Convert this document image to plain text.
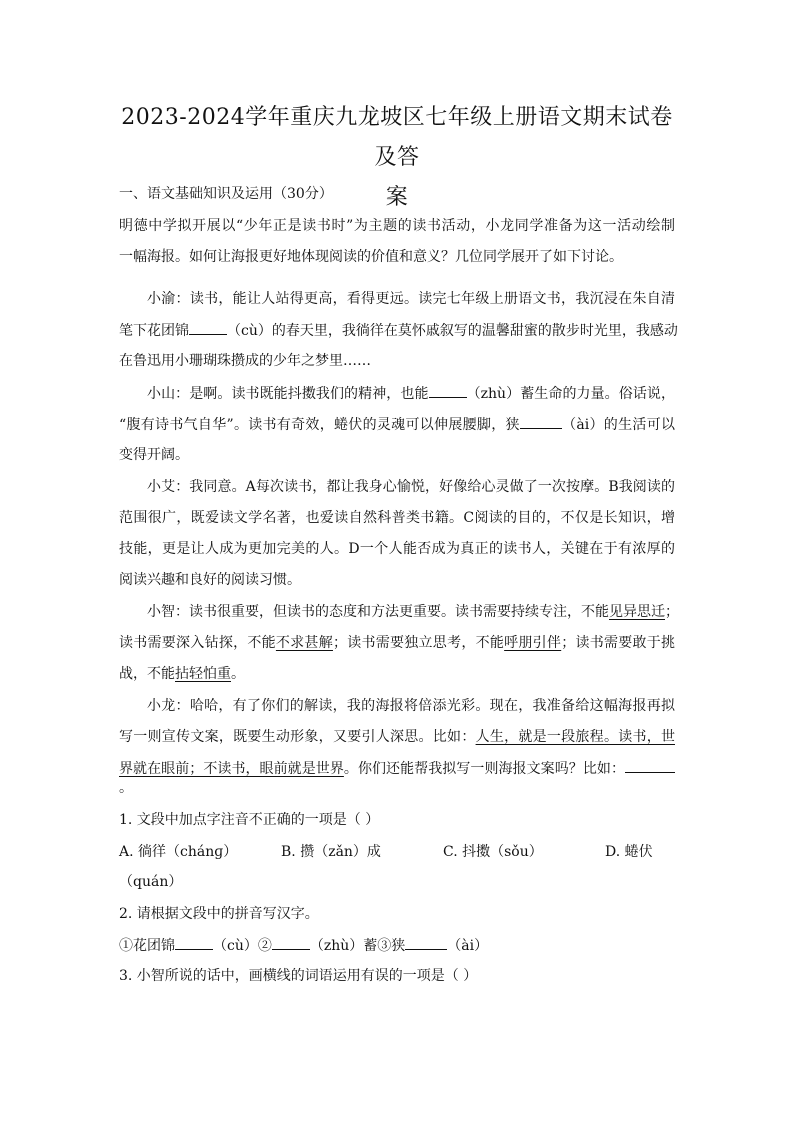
2023-2024学年重庆九龙坡区七年级上册语文期末试卷及答
案
一、语文基础知识及运用（30分）
明德中学拟开展以“少年正是读书时”为主题的读书活动，小龙同学准备为这一活动绘制
一幅海报。如何让海报更好地体现阅读的价值和意义？几位同学展开了如下讨论。
小渝：读书，能让人站得更高，看得更远。读完七年级上册语文书，我沉浸在朱自清
笔下花团锦	（cù）的春天里，我徜徉在莫怀戚叙写的温馨甜蜜的散步时光里，我感动
在鲁迅用小珊瑚珠攒成的少年之梦里……
小山：是啊。读书既能抖擞我们的精神，也能	（zhù）蓄生命的力量。俗话说，
“腹有诗书气自华”。读书有奇效，蜷伏的灵魂可以伸展腰脚，狭	（ài）的生活可以
变得开阔。
小艾：我同意。A每次读书，都让我身心愉悦，好像给心灵做了一次按摩。B我阅读的
范围很广，既爱读文学名著，也爱读自然科普类书籍。C阅读的目的，不仅是长知识，增
技能，更是让人成为更加完美的人。D一个人能否成为真正的读书人，关键在于有浓厚的
阅读兴趣和良好的阅读习惯。
小智：读书很重要，但读书的态度和方法更重要。读书需要持续专注，不能见异思迁；
读书需要深入钻探，不能不求甚解；读书需要独立思考，不能呼朋引伴；读书需要敢于挑
战，不能拈轻怕重。
小龙：哈哈，有了你们的解读，我的海报将倍添光彩。现在，我准备给这幅海报再拟
写一则宣传文案，既要生动形象，又要引人深思。比如：人生，就是一段旅程。读书，世
界就在眼前；不读书，眼前就是世界。你们还能帮我拟写一则海报文案吗？比如：
。
1. 文段中加点字注音不正确的一项是（ ）
A. 徜徉（chánɡ）	B. 攒（zǎn）成	C. 抖擞（sǒu）	D. 蜷伏
（quán）
2. 请根据文段中的拼音写汉字。
①花团锦	（cù）②	（zhù）蓄③狭	（ài）
3. 小智所说的话中，画横线的词语运用有误的一项是（ ）
